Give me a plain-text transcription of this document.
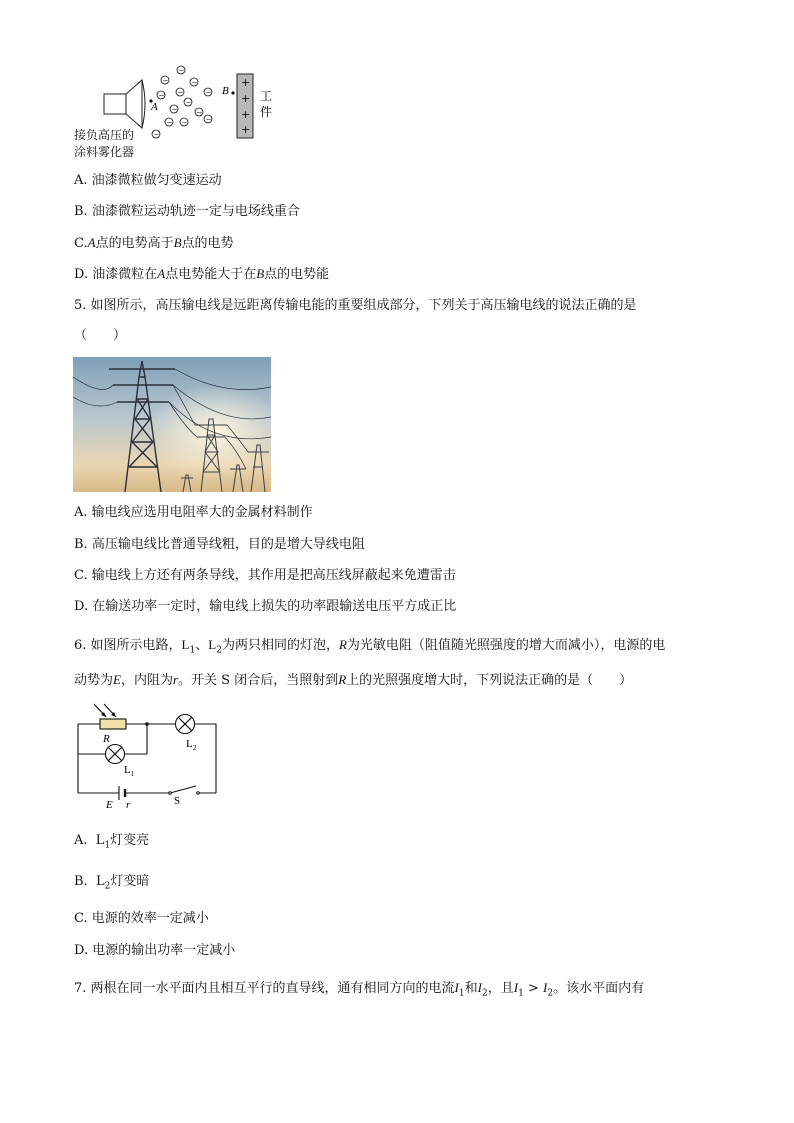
A
B
−
−	−
−
−
−
−
−	−
−
−
−
−
+
+
+
+
工
件
接负高压的
涂料雾化器
A. 油漆微粒做匀变速运动
B. 油漆微粒运动轨迹一定与电场线重合
C.A点的电势高于B点的电势
D. 油漆微粒在A点电势能大于在B点的电势能
5. 如图所示，高压输电线是远距离传输电能的重要组成部分，下列关于高压输电线的说法正确的是
（　　）
A. 输电线应选用电阻率大的金属材料制作
B. 高压输电线比普通导线粗，目的是增大导线电阻
C. 输电线上方还有两条导线，其作用是把高压线屏蔽起来免遭雷击
D. 在输送功率一定时，输电线上损失的功率跟输送电压平方成正比
6. 如图所示电路，$L_1$、$L_2$为两只相同的灯泡，R为光敏电阻（阻值随光照强度的增大而减小），电源的电
动势为E，内阻为r。开关 S 闭合后，当照射到R上的光照强度增大时，下列说法正确的是（　　）
R	$L_2$
$L_1$
E r	S
A. $L_1$灯变亮
B. $L_2$灯变暗
C. 电源的效率一定减小
D. 电源的输出功率一定减小
7. 两根在同一水平面内且相互平行的直导线，通有相同方向的电流$I_1$和$I_2$，且$I_1 > I_2$。该水平面内有
